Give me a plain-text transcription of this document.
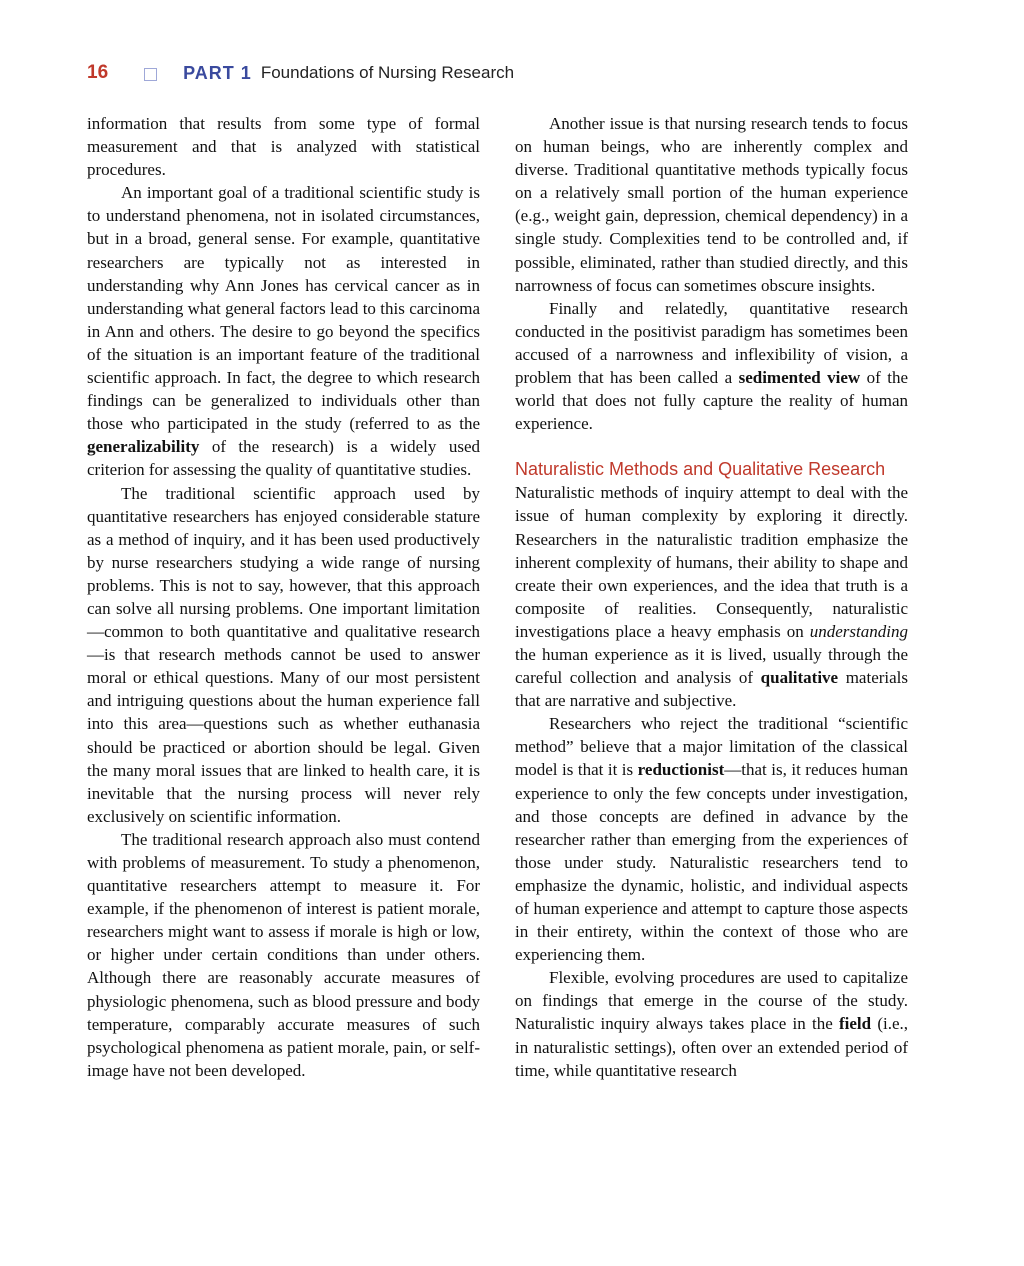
16	PART 1 Foundations of Nursing Research

information that results from some type of formal measurement and that is analyzed with statistical procedures.

An important goal of a traditional scientific study is to understand phenomena, not in isolated circumstances, but in a broad, general sense. For example, quantitative researchers are typically not as interested in understanding why Ann Jones has cervical cancer as in understanding what general factors lead to this carcinoma in Ann and others. The desire to go beyond the specifics of the situation is an important feature of the traditional scientific approach. In fact, the degree to which research findings can be generalized to individuals other than those who participated in the study (referred to as the generalizability of the research) is a widely used criterion for assessing the quality of quantitative studies.

The traditional scientific approach used by quantitative researchers has enjoyed considerable stature as a method of inquiry, and it has been used productively by nurse researchers studying a wide range of nursing problems. This is not to say, however, that this approach can solve all nursing problems. One important limitation—common to both quantitative and qualitative research—is that research methods cannot be used to answer moral or ethical questions. Many of our most persistent and intriguing questions about the human experience fall into this area—questions such as whether euthanasia should be practiced or abortion should be legal. Given the many moral issues that are linked to health care, it is inevitable that the nursing process will never rely exclusively on scientific information.

The traditional research approach also must contend with problems of measurement. To study a phenomenon, quantitative researchers attempt to measure it. For example, if the phenomenon of interest is patient morale, researchers might want to assess if morale is high or low, or higher under certain conditions than under others. Although there are reasonably accurate measures of physiologic phenomena, such as blood pressure and body temperature, comparably accurate measures of such psychological phenomena as patient morale, pain, or self-image have not been developed.

Another issue is that nursing research tends to focus on human beings, who are inherently complex and diverse. Traditional quantitative methods typically focus on a relatively small portion of the human experience (e.g., weight gain, depression, chemical dependency) in a single study. Complexities tend to be controlled and, if possible, eliminated, rather than studied directly, and this narrowness of focus can sometimes obscure insights.

Finally and relatedly, quantitative research conducted in the positivist paradigm has sometimes been accused of a narrowness and inflexibility of vision, a problem that has been called a sedimented view of the world that does not fully capture the reality of human experience.

Naturalistic Methods and Qualitative Research

Naturalistic methods of inquiry attempt to deal with the issue of human complexity by exploring it directly. Researchers in the naturalistic tradition emphasize the inherent complexity of humans, their ability to shape and create their own experiences, and the idea that truth is a composite of realities. Consequently, naturalistic investigations place a heavy emphasis on understanding the human experience as it is lived, usually through the careful collection and analysis of qualitative materials that are narrative and subjective.

Researchers who reject the traditional “scientific method” believe that a major limitation of the classical model is that it is reductionist—that is, it reduces human experience to only the few concepts under investigation, and those concepts are defined in advance by the researcher rather than emerging from the experiences of those under study. Naturalistic researchers tend to emphasize the dynamic, holistic, and individual aspects of human experience and attempt to capture those aspects in their entirety, within the context of those who are experiencing them.

Flexible, evolving procedures are used to capitalize on findings that emerge in the course of the study. Naturalistic inquiry always takes place in the field (i.e., in naturalistic settings), often over an extended period of time, while quantitative research
